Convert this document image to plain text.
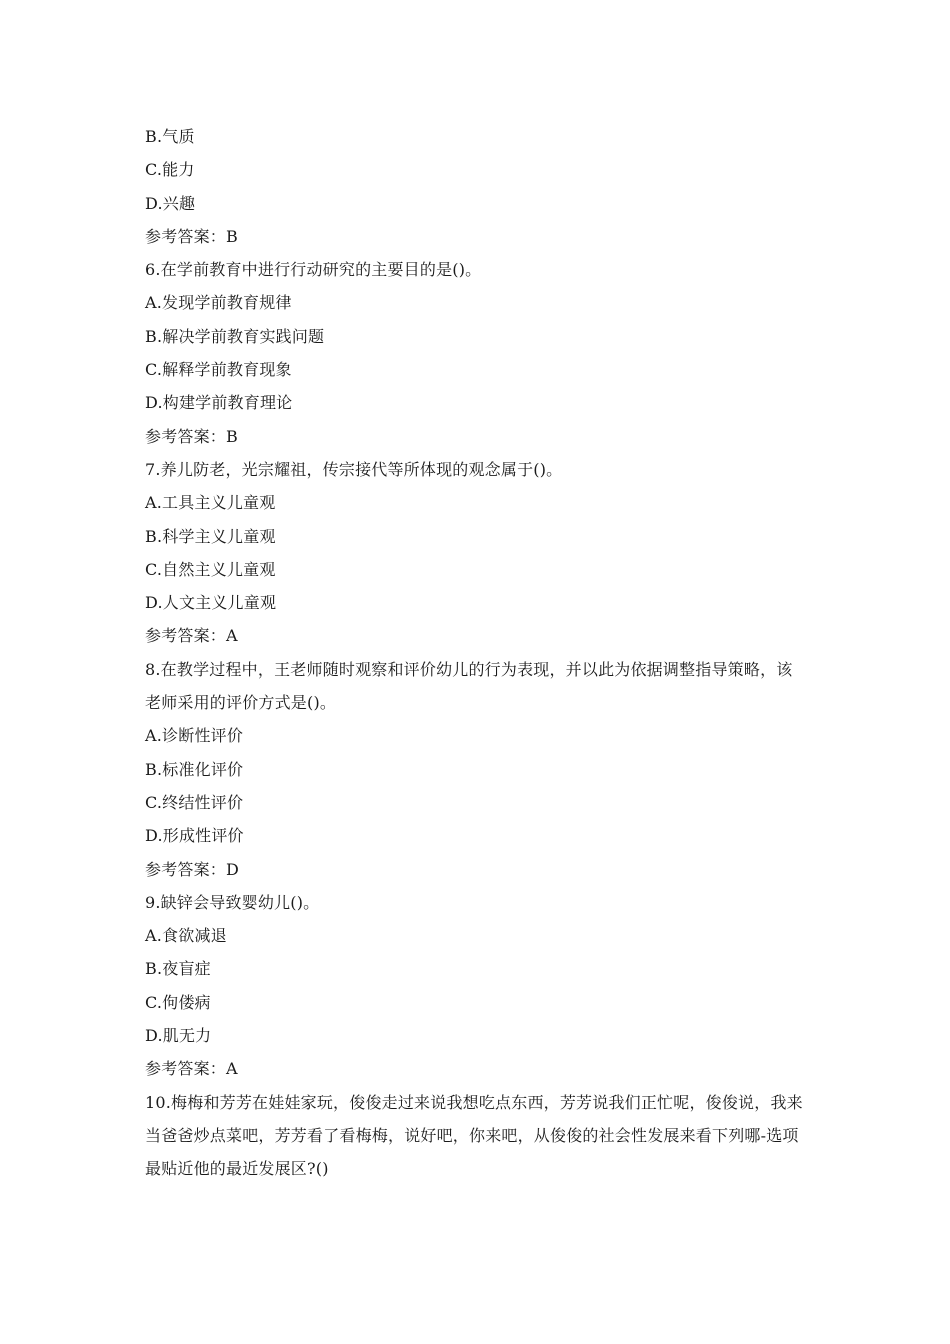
B.气质
C.能力
D.兴趣
参考答案：B
6.在学前教育中进行行动研究的主要目的是()。
A.发现学前教育规律
B.解决学前教育实践问题
C.解释学前教育现象
D.构建学前教育理论
参考答案：B
7.养儿防老，光宗耀祖，传宗接代等所体现的观念属于()。
A.工具主义儿童观
B.科学主义儿童观
C.自然主义儿童观
D.人文主义儿童观
参考答案：A
8.在教学过程中，王老师随时观察和评价幼儿的行为表现，并以此为依据调整指导策略，该
老师采用的评价方式是()。
A.诊断性评价
B.标准化评价
C.终结性评价
D.形成性评价
参考答案：D
9.缺锌会导致婴幼儿()。
A.食欲减退
B.夜盲症
C.佝偻病
D.肌无力
参考答案：A
10.梅梅和芳芳在娃娃家玩，俊俊走过来说我想吃点东西，芳芳说我们正忙呢，俊俊说，我来
当爸爸炒点菜吧，芳芳看了看梅梅，说好吧，你来吧，从俊俊的社会性发展来看下列哪-选项
最贴近他的最近发展区?()
